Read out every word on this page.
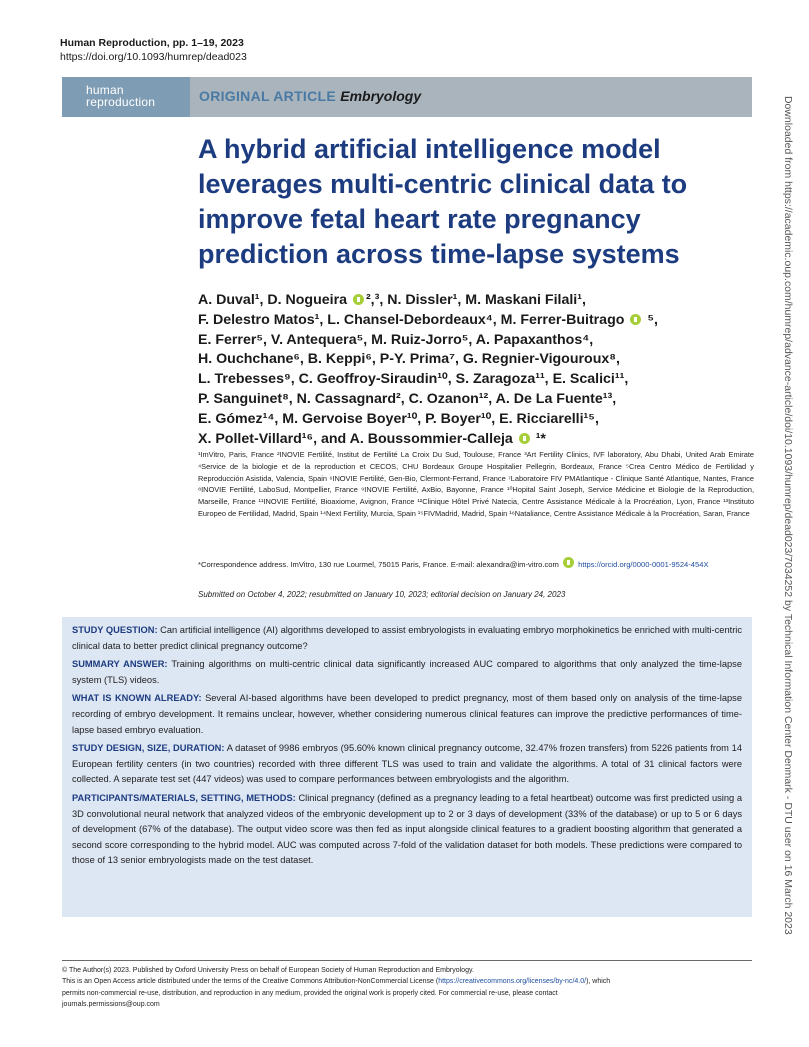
Human Reproduction, pp. 1–19, 2023
https://doi.org/10.1093/humrep/dead023
human
reproduction	ORIGINAL ARTICLE Embryology
A hybrid artificial intelligence model leverages multi-centric clinical data to improve fetal heart rate pregnancy prediction across time-lapse systems
A. Duval¹, D. Nogueira ²,³, N. Dissler¹, M. Maskani Filali¹,
F. Delestro Matos¹, L. Chansel-Debordeaux⁴, M. Ferrer-Buitrago ⁵,
E. Ferrer⁵, V. Antequera⁵, M. Ruiz-Jorro⁵, A. Papaxanthos⁴,
H. Ouchchane⁶, B. Keppi⁶, P-Y. Prima⁷, G. Regnier-Vigouroux⁸,
L. Trebesses⁹, C. Geoffroy-Siraudin¹⁰, S. Zaragoza¹¹, E. Scalici¹¹,
P. Sanguinet⁸, N. Cassagnard², C. Ozanon¹², A. De La Fuente¹³,
E. Gómez¹⁴, M. Gervoise Boyer¹⁰, P. Boyer¹⁰, E. Ricciarelli¹⁵,
X. Pollet-Villard¹⁶, and A. Boussommier-Calleja ¹*
¹ImVitro, Paris, France ²INOVIE Fertilité, Institut de Fertilité La Croix Du Sud, Toulouse, France ³Art Fertility Clinics, IVF laboratory, Abu Dhabi, United Arab Emirate ⁴Service de la biologie et de la reproduction et CECOS, CHU Bordeaux Groupe Hospitalier Pellegrin, Bordeaux, France ⁵Crea Centro Médico de Fertilidad y Reproducción Asistida, Valencia, Spain ⁶INOVIE Fertilité, Gen-Bio, Clermont-Ferrand, France ⁷Laboratoire FIV PMAtlantique - Clinique Santé Atlantique, Nantes, France ⁸INOVIE Fertilité, LaboSud, Montpellier, France ⁹INOVIE Fertilité, AxBio, Bayonne, France ¹⁰Hopital Saint Joseph, Service Médicine et Biologie de la Reproduction, Marseille, France ¹¹INOVIE Fertilité, Bioaxiome, Avignon, France ¹²Clinique Hôtel Privé Natecia, Centre Assistance Médicale à la Procréation, Lyon, France ¹³Instituto Europeo de Fertilidad, Madrid, Spain ¹⁴Next Fertility, Murcia, Spain ¹⁵FIVMadrid, Madrid, Spain ¹⁶Nataliance, Centre Assistance Médicale à la Procréation, Saran, France
*Correspondence address. ImVitro, 130 rue Lourmel, 75015 Paris, France. E-mail: alexandra@im-vitro.com	https://orcid.org/0000-0001-9524-454X
Submitted on October 4, 2022; resubmitted on January 10, 2023; editorial decision on January 24, 2023

STUDY QUESTION: Can artificial intelligence (AI) algorithms developed to assist embryologists in evaluating embryo morphokinetics be enriched with multi-centric clinical data to better predict clinical pregnancy outcome?

SUMMARY ANSWER: Training algorithms on multi-centric clinical data significantly increased AUC compared to algorithms that only analyzed the time-lapse system (TLS) videos.

WHAT IS KNOWN ALREADY: Several AI-based algorithms have been developed to predict pregnancy, most of them based only on analysis of the time-lapse recording of embryo development. It remains unclear, however, whether considering numerous clinical features can improve the predictive performances of time-lapse based embryo evaluation.

STUDY DESIGN, SIZE, DURATION: A dataset of 9986 embryos (95.60% known clinical pregnancy outcome, 32.47% frozen transfers) from 5226 patients from 14 European fertility centers (in two countries) recorded with three different TLS was used to train and validate the algorithms. A total of 31 clinical factors were collected. A separate test set (447 videos) was used to compare performances between embryologists and the algorithm.

PARTICIPANTS/MATERIALS, SETTING, METHODS: Clinical pregnancy (defined as a pregnancy leading to a fetal heartbeat) outcome was first predicted using a 3D convolutional neural network that analyzed videos of the embryonic development up to 2 or 3 days of development (33% of the database) or up to 5 or 6 days of development (67% of the database). The output video score was then fed as input alongside clinical features to a gradient boosting algorithm that generated a second score corresponding to the hybrid model. AUC was computed across 7-fold of the validation dataset for both models. These predictions were compared to those of 13 senior embryologists made on the test dataset.

© The Author(s) 2023. Published by Oxford University Press on behalf of European Society of Human Reproduction and Embryology.
This is an Open Access article distributed under the terms of the Creative Commons Attribution-NonCommercial License (https://creativecommons.org/licenses/by-nc/4.0/), which
permits non-commercial re-use, distribution, and reproduction in any medium, provided the original work is properly cited. For commercial re-use, please contact
journals.permissions@oup.com
Downloaded from https://academic.oup.com/humrep/advance-article/doi/10.1093/humrep/dead023/7034252 by Technical Information Center Denmark - DTU user on 16 March 2023
